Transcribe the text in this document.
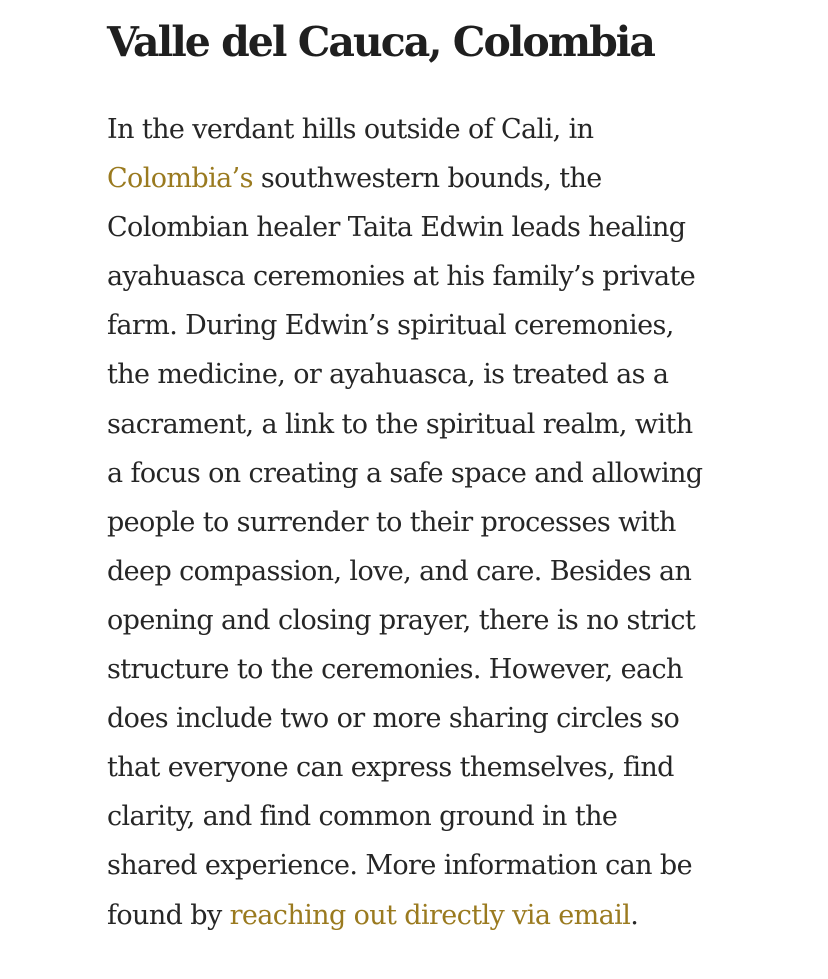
Valle del Cauca, Colombia

In the verdant hills outside of Cali, in
Colombia’s southwestern bounds, the
Colombian healer Taita Edwin leads healing
ayahuasca ceremonies at his family’s private
farm. During Edwin’s spiritual ceremonies,
the medicine, or ayahuasca, is treated as a
sacrament, a link to the spiritual realm, with
a focus on creating a safe space and allowing
people to surrender to their processes with
deep compassion, love, and care. Besides an
opening and closing prayer, there is no strict
structure to the ceremonies. However, each
does include two or more sharing circles so
that everyone can express themselves, find
clarity, and find common ground in the
shared experience. More information can be
found by reaching out directly via email.
